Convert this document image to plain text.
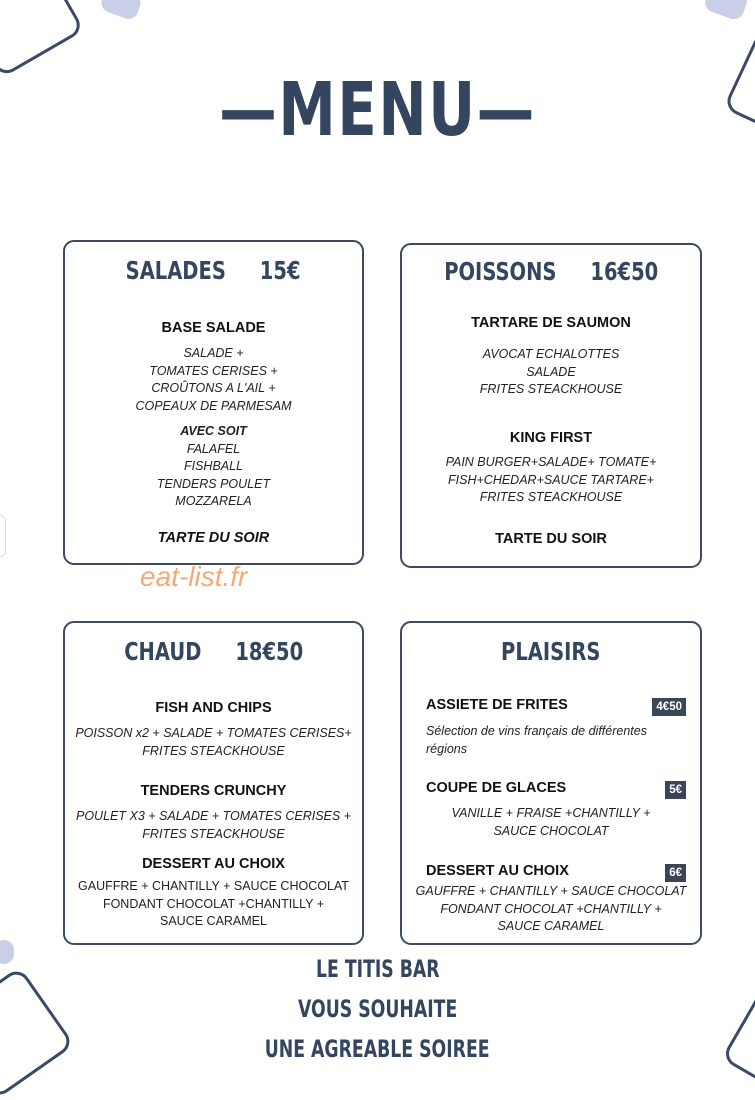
—MENU—
SALADES     15€
BASE SALADE
SALADE +
TOMATES CERISES +
CROÛTONS A L'AIL +
COPEAUX DE PARMESAM
AVEC SOIT
FALAFEL
FISHBALL
TENDERS POULET
MOZZARELA
TARTE DU SOIR
POISSONS     16€50
TARTARE DE SAUMON
AVOCAT ECHALOTTES
SALADE
FRITES STEACKHOUSE
KING FIRST
PAIN BURGER+SALADE+ TOMATE+
FISH+CHEDAR+SAUCE TARTARE+
FRITES STEACKHOUSE
TARTE DU SOIR
eat-list.fr
CHAUD     18€50
FISH AND CHIPS
POISSON x2 + SALADE + TOMATES CERISES+
FRITES STEACKHOUSE
TENDERS CRUNCHY
POULET X3 + SALADE + TOMATES CERISES +
FRITES STEACKHOUSE
DESSERT AU CHOIX
GAUFFRE + CHANTILLY + SAUCE CHOCOLAT
FONDANT CHOCOLAT +CHANTILLY +
SAUCE CARAMEL
PLAISIRS
ASSIETE DE FRITES	4€50
Sélection de vins français de différentes
régions
COUPE DE GLACES	5€
VANILLE + FRAISE +CHANTILLY +
SAUCE CHOCOLAT
DESSERT AU CHOIX	6€
GAUFFRE + CHANTILLY + SAUCE CHOCOLAT
FONDANT CHOCOLAT +CHANTILLY +
SAUCE CARAMEL
LE TITIS BAR
VOUS SOUHAITE
UNE AGREABLE SOIREE
